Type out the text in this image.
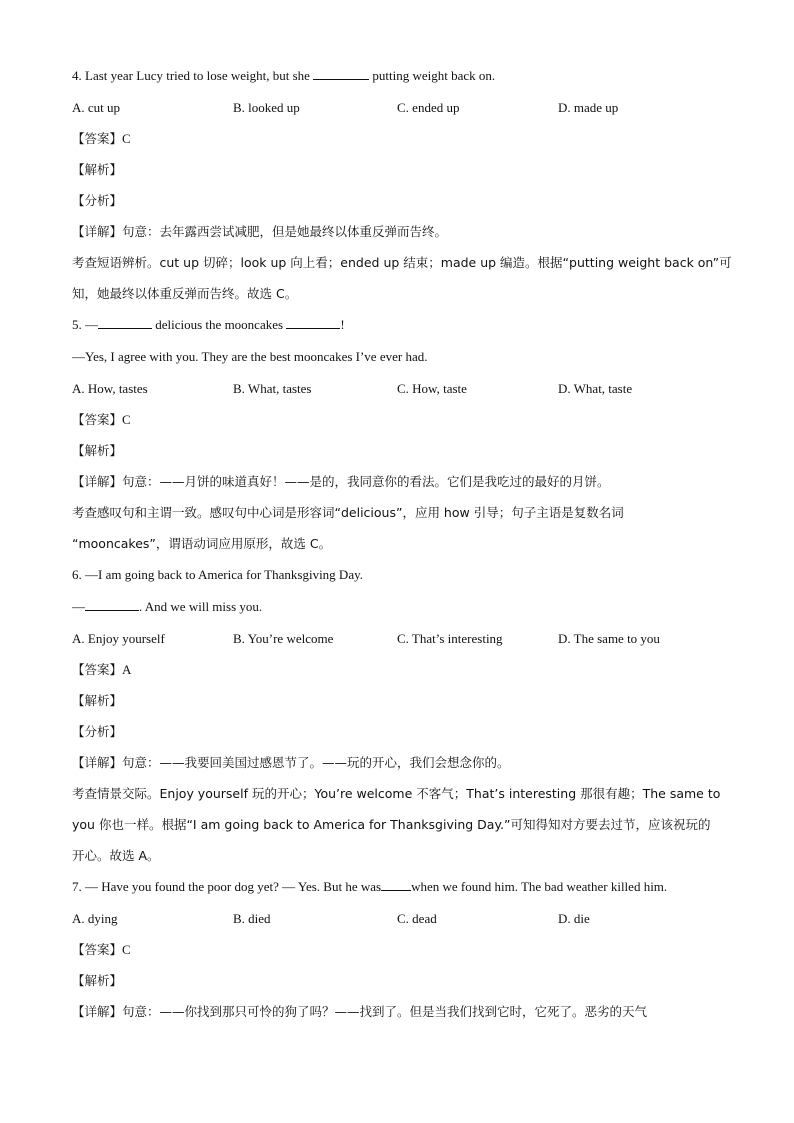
4. Last year Lucy tried to lose weight, but she	putting weight back on.
A. cut up	B. looked up	C. ended up	D. made up
【答案】C
【解析】
【分析】
【详解】句意：去年露西尝试减肥，但是她最终以体重反弹而告终。
考查短语辨析。cut up 切碎；look up 向上看；ended up 结束；made up 编造。根据“putting weight back on”可
知，她最终以体重反弹而告终。故选 C。
5. —	delicious the mooncakes	!
—Yes, I agree with you. They are the best mooncakes I’ve ever had.
A. How, tastes	B. What, tastes	C. How, taste	D. What, taste
【答案】C
【解析】
【详解】句意：——月饼的味道真好！——是的，我同意你的看法。它们是我吃过的最好的月饼。
考查感叹句和主谓一致。感叹句中心词是形容词“delicious”，应用 how 引导；句子主语是复数名词
“mooncakes”，谓语动词应用原形，故选 C。
6. —I am going back to America for Thanksgiving Day.
—	. And we will miss you.
A. Enjoy yourself	B. You’re welcome	C. That’s interesting	D. The same to you
【答案】A
【解析】
【分析】
【详解】句意：——我要回美国过感恩节了。——玩的开心，我们会想念你的。
考查情景交际。Enjoy yourself 玩的开心；You’re welcome 不客气；That’s interesting 那很有趣；The same to
you 你也一样。根据“I am going back to America for Thanksgiving Day.”可知得知对方要去过节，应该祝玩的
开心。故选 A。
7. — Have you found the poor dog yet? — Yes. But he was when we found him. The bad weather killed him.
A. dying	B. died	C. dead	D. die
【答案】C
【解析】
【详解】句意：——你找到那只可怜的狗了吗？——找到了。但是当我们找到它时，它死了。恶劣的天气
